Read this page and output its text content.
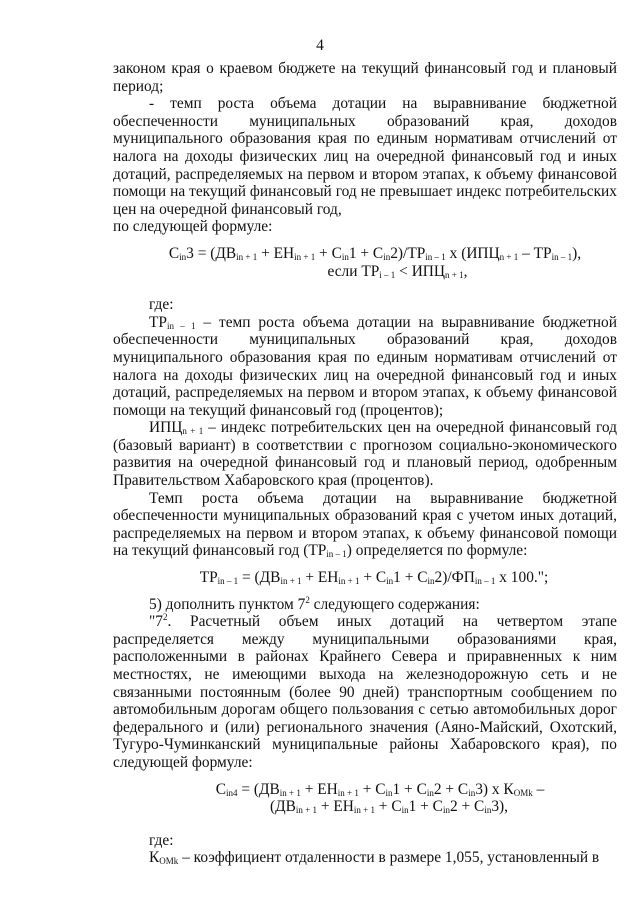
4

законом края о краевом бюджете на текущий финансовый год и плановый период;

- темп роста объема дотации на выравнивание бюджетной обеспеченности муниципальных образований края, доходов муниципального образования края по единым нормативам отчислений от налога на доходы физических лиц на очередной финансовый год и иных дотаций, распределяемых на первом и втором этапах, к объему финансовой помощи на текущий финансовый год не превышает индекс потребительских цен на очередной финансовый год,

по следующей формуле:

$C_{in}3 = (ДВ_{in + 1} + ЕН_{in + 1} + C_{in}1 + C_{in}2)/ТР_{in - 1}$ х $(ИПЦ_{n + 1} - ТР_{in - 1})$,
если $ТР_{i - 1} < ИПЦ_{n + 1}$,

где:

$ТР_{in - 1}$ – темп роста объема дотации на выравнивание бюджетной обеспеченности муниципальных образований края, доходов муниципального образования края по единым нормативам отчислений от налога на доходы физических лиц на очередной финансовый год и иных дотаций, распределяемых на первом и втором этапах, к объему финансовой помощи на текущий финансовый год (процентов);

$ИПЦ_{n + 1}$ – индекс потребительских цен на очередной финансовый год (базовый вариант) в соответствии с прогнозом социально-экономического развития на очередной финансовый год и плановый период, одобренным Правительством Хабаровского края (процентов).

Темп роста объема дотации на выравнивание бюджетной обеспеченности муниципальных образований края с учетом иных дотаций, распределяемых на первом и втором этапах, к объему финансовой помощи на текущий финансовый год $(ТР_{in - 1})$ определяется по формуле:

$ТР_{in - 1} = (ДВ_{in + 1} + ЕН_{in + 1} + C_{in}1 + C_{in}2)/ФП_{in - 1}$ х 100.";

5) дополнить пунктом $7^2$ следующего содержания:

"$7^2$. Расчетный объем иных дотаций на четвертом этапе распределяется между муниципальными образованиями края, расположенными в районах Крайнего Севера и приравненных к ним местностях, не имеющими выхода на железнодорожную сеть и не связанными постоянным (более 90 дней) транспортным сообщением по автомобильным дорогам общего пользования с сетью автомобильных дорог федерального и (или) регионального значения (Аяно-Майский, Охотский, Тугуро-Чуминканский муниципальные районы Хабаровского края), по следующей формуле:

$C_{in4} = (ДВ_{in + 1} + ЕН_{in + 1} + C_{in}1 + C_{in}2 + C_{in}3)$ х $К_{ОМk}$ –
$(ДВ_{in + 1} + ЕН_{in + 1} + C_{in}1 + C_{in}2 + C_{in}3)$,

где:

$К_{ОМk}$ – коэффициент отдаленности в размере 1,055, установленный в
